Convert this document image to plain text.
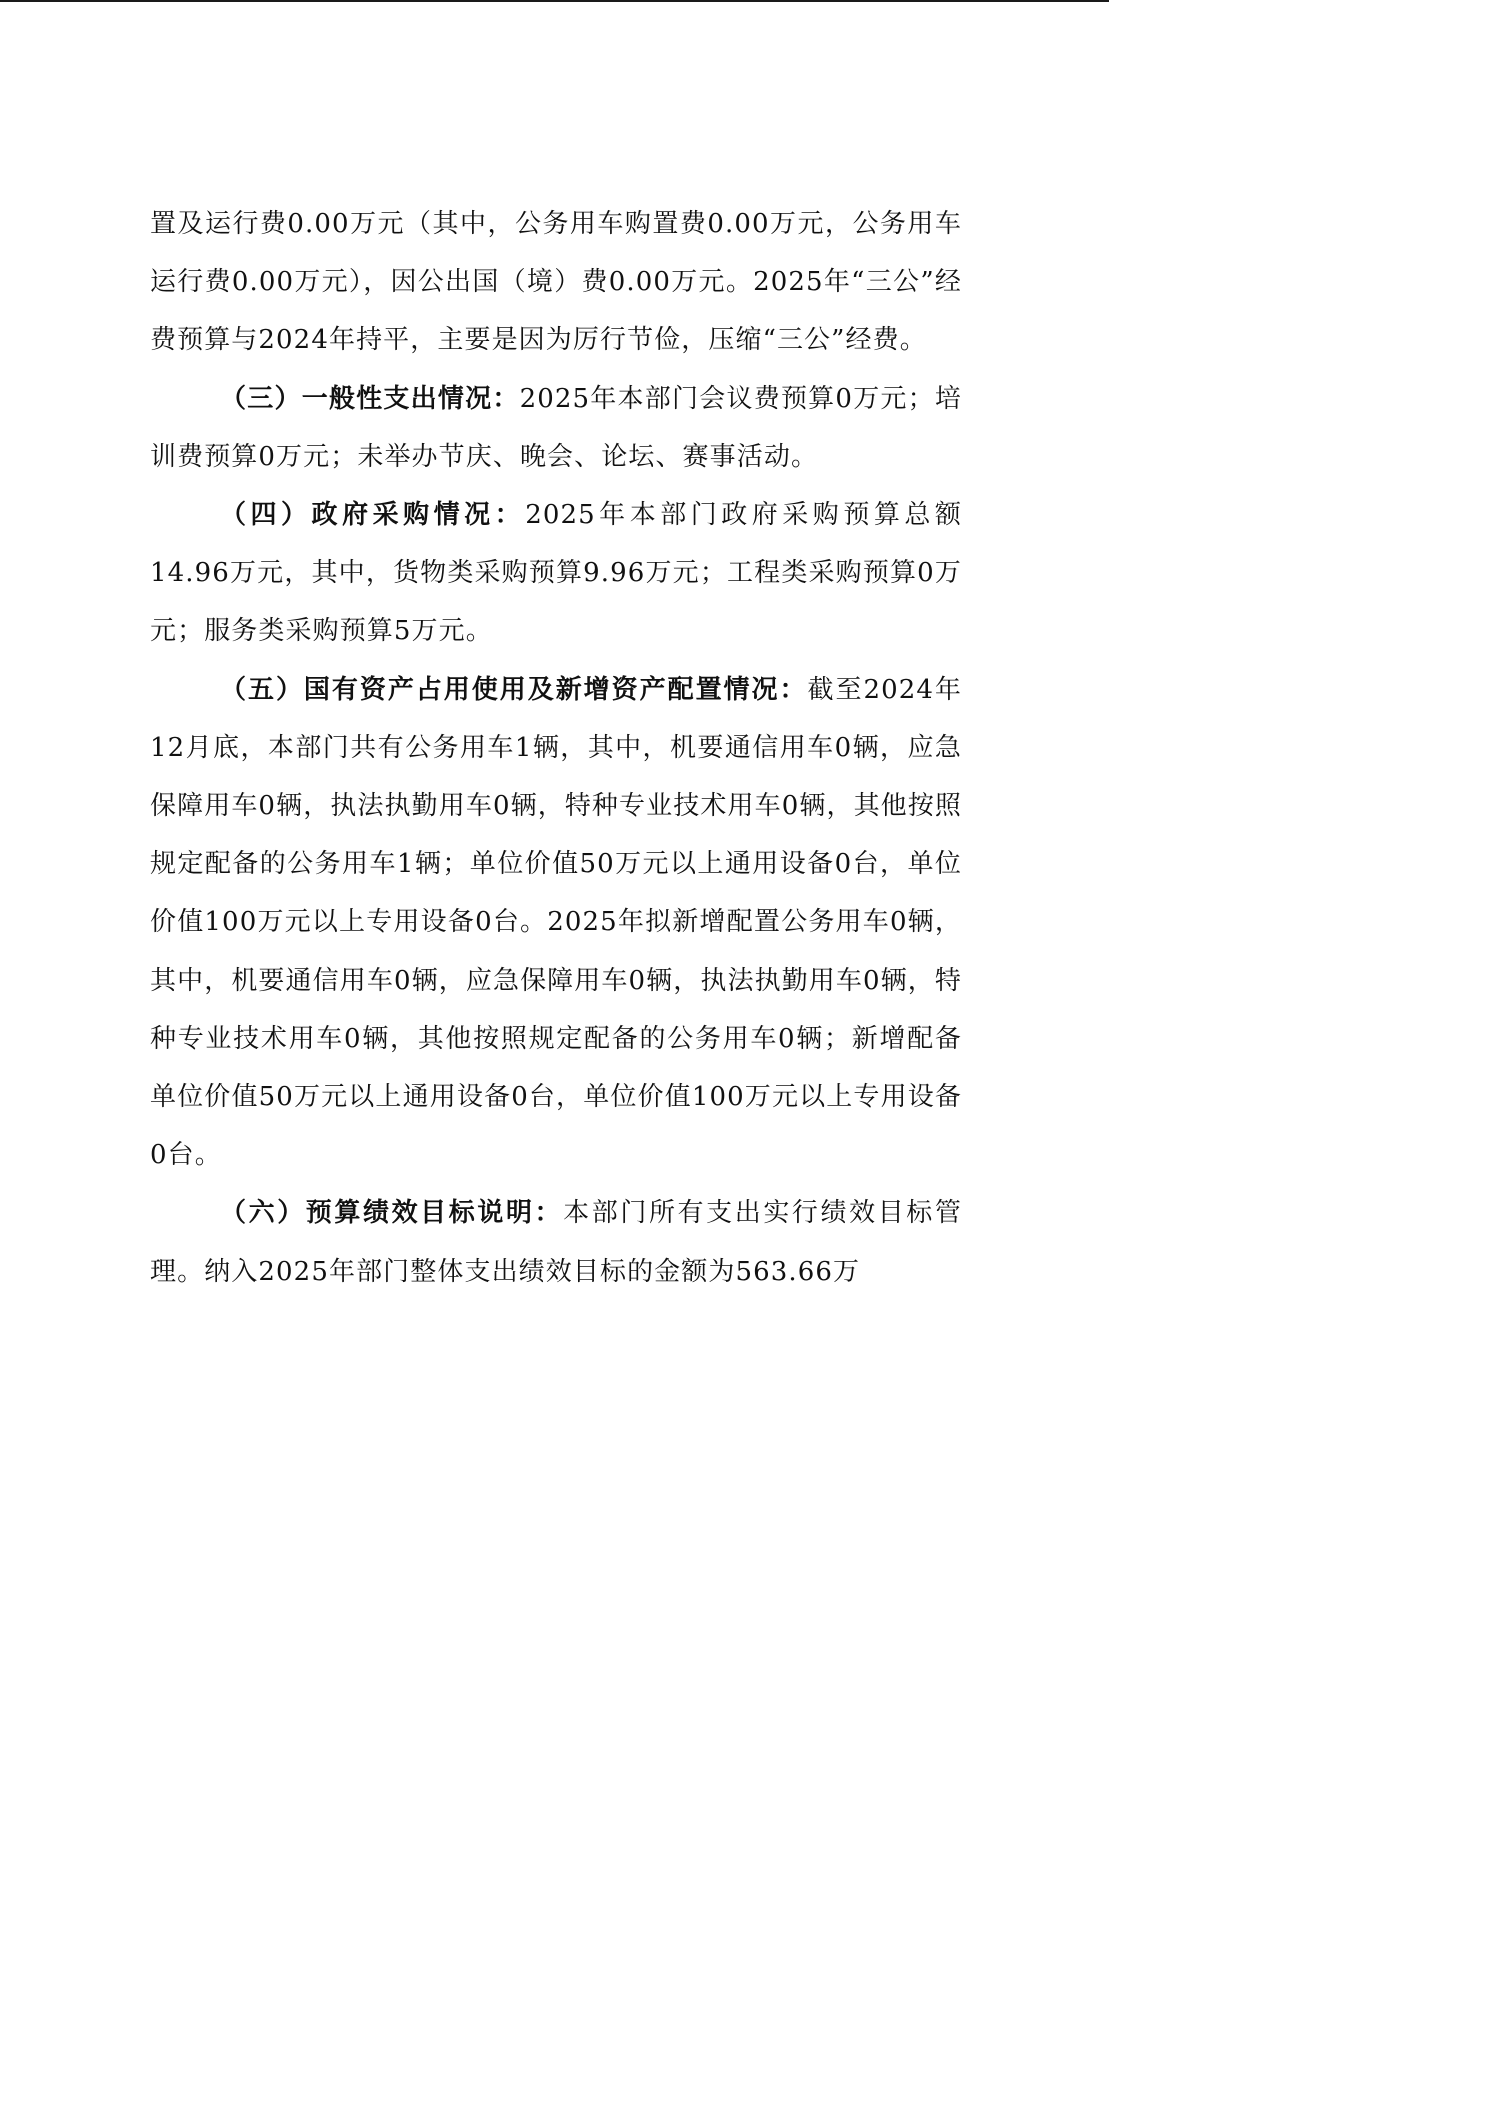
置及运行费0.00万元（其中，公务用车购置费0.00万元，公务用车运行费0.00万元），因公出国（境）费0.00万元。2025年“三公”经费预算与2024年持平，主要是因为厉行节俭，压缩“三公”经费。

（三）一般性支出情况：2025年本部门会议费预算0万元；培训费预算0万元；未举办节庆、晚会、论坛、赛事活动。

（四）政府采购情况：2025年本部门政府采购预算总额14.96万元，其中，货物类采购预算9.96万元；工程类采购预算0万元；服务类采购预算5万元。

（五）国有资产占用使用及新增资产配置情况：截至2024年12月底，本部门共有公务用车1辆，其中，机要通信用车0辆，应急保障用车0辆，执法执勤用车0辆，特种专业技术用车0辆，其他按照规定配备的公务用车1辆；单位价值50万元以上通用设备0台，单位价值100万元以上专用设备0台。2025年拟新增配置公务用车0辆，其中，机要通信用车0辆，应急保障用车0辆，执法执勤用车0辆，特种专业技术用车0辆，其他按照规定配备的公务用车0辆；新增配备单位价值50万元以上通用设备0台，单位价值100万元以上专用设备0台。

（六）预算绩效目标说明：本部门所有支出实行绩效目标管理。纳入2025年部门整体支出绩效目标的金额为563.66万
